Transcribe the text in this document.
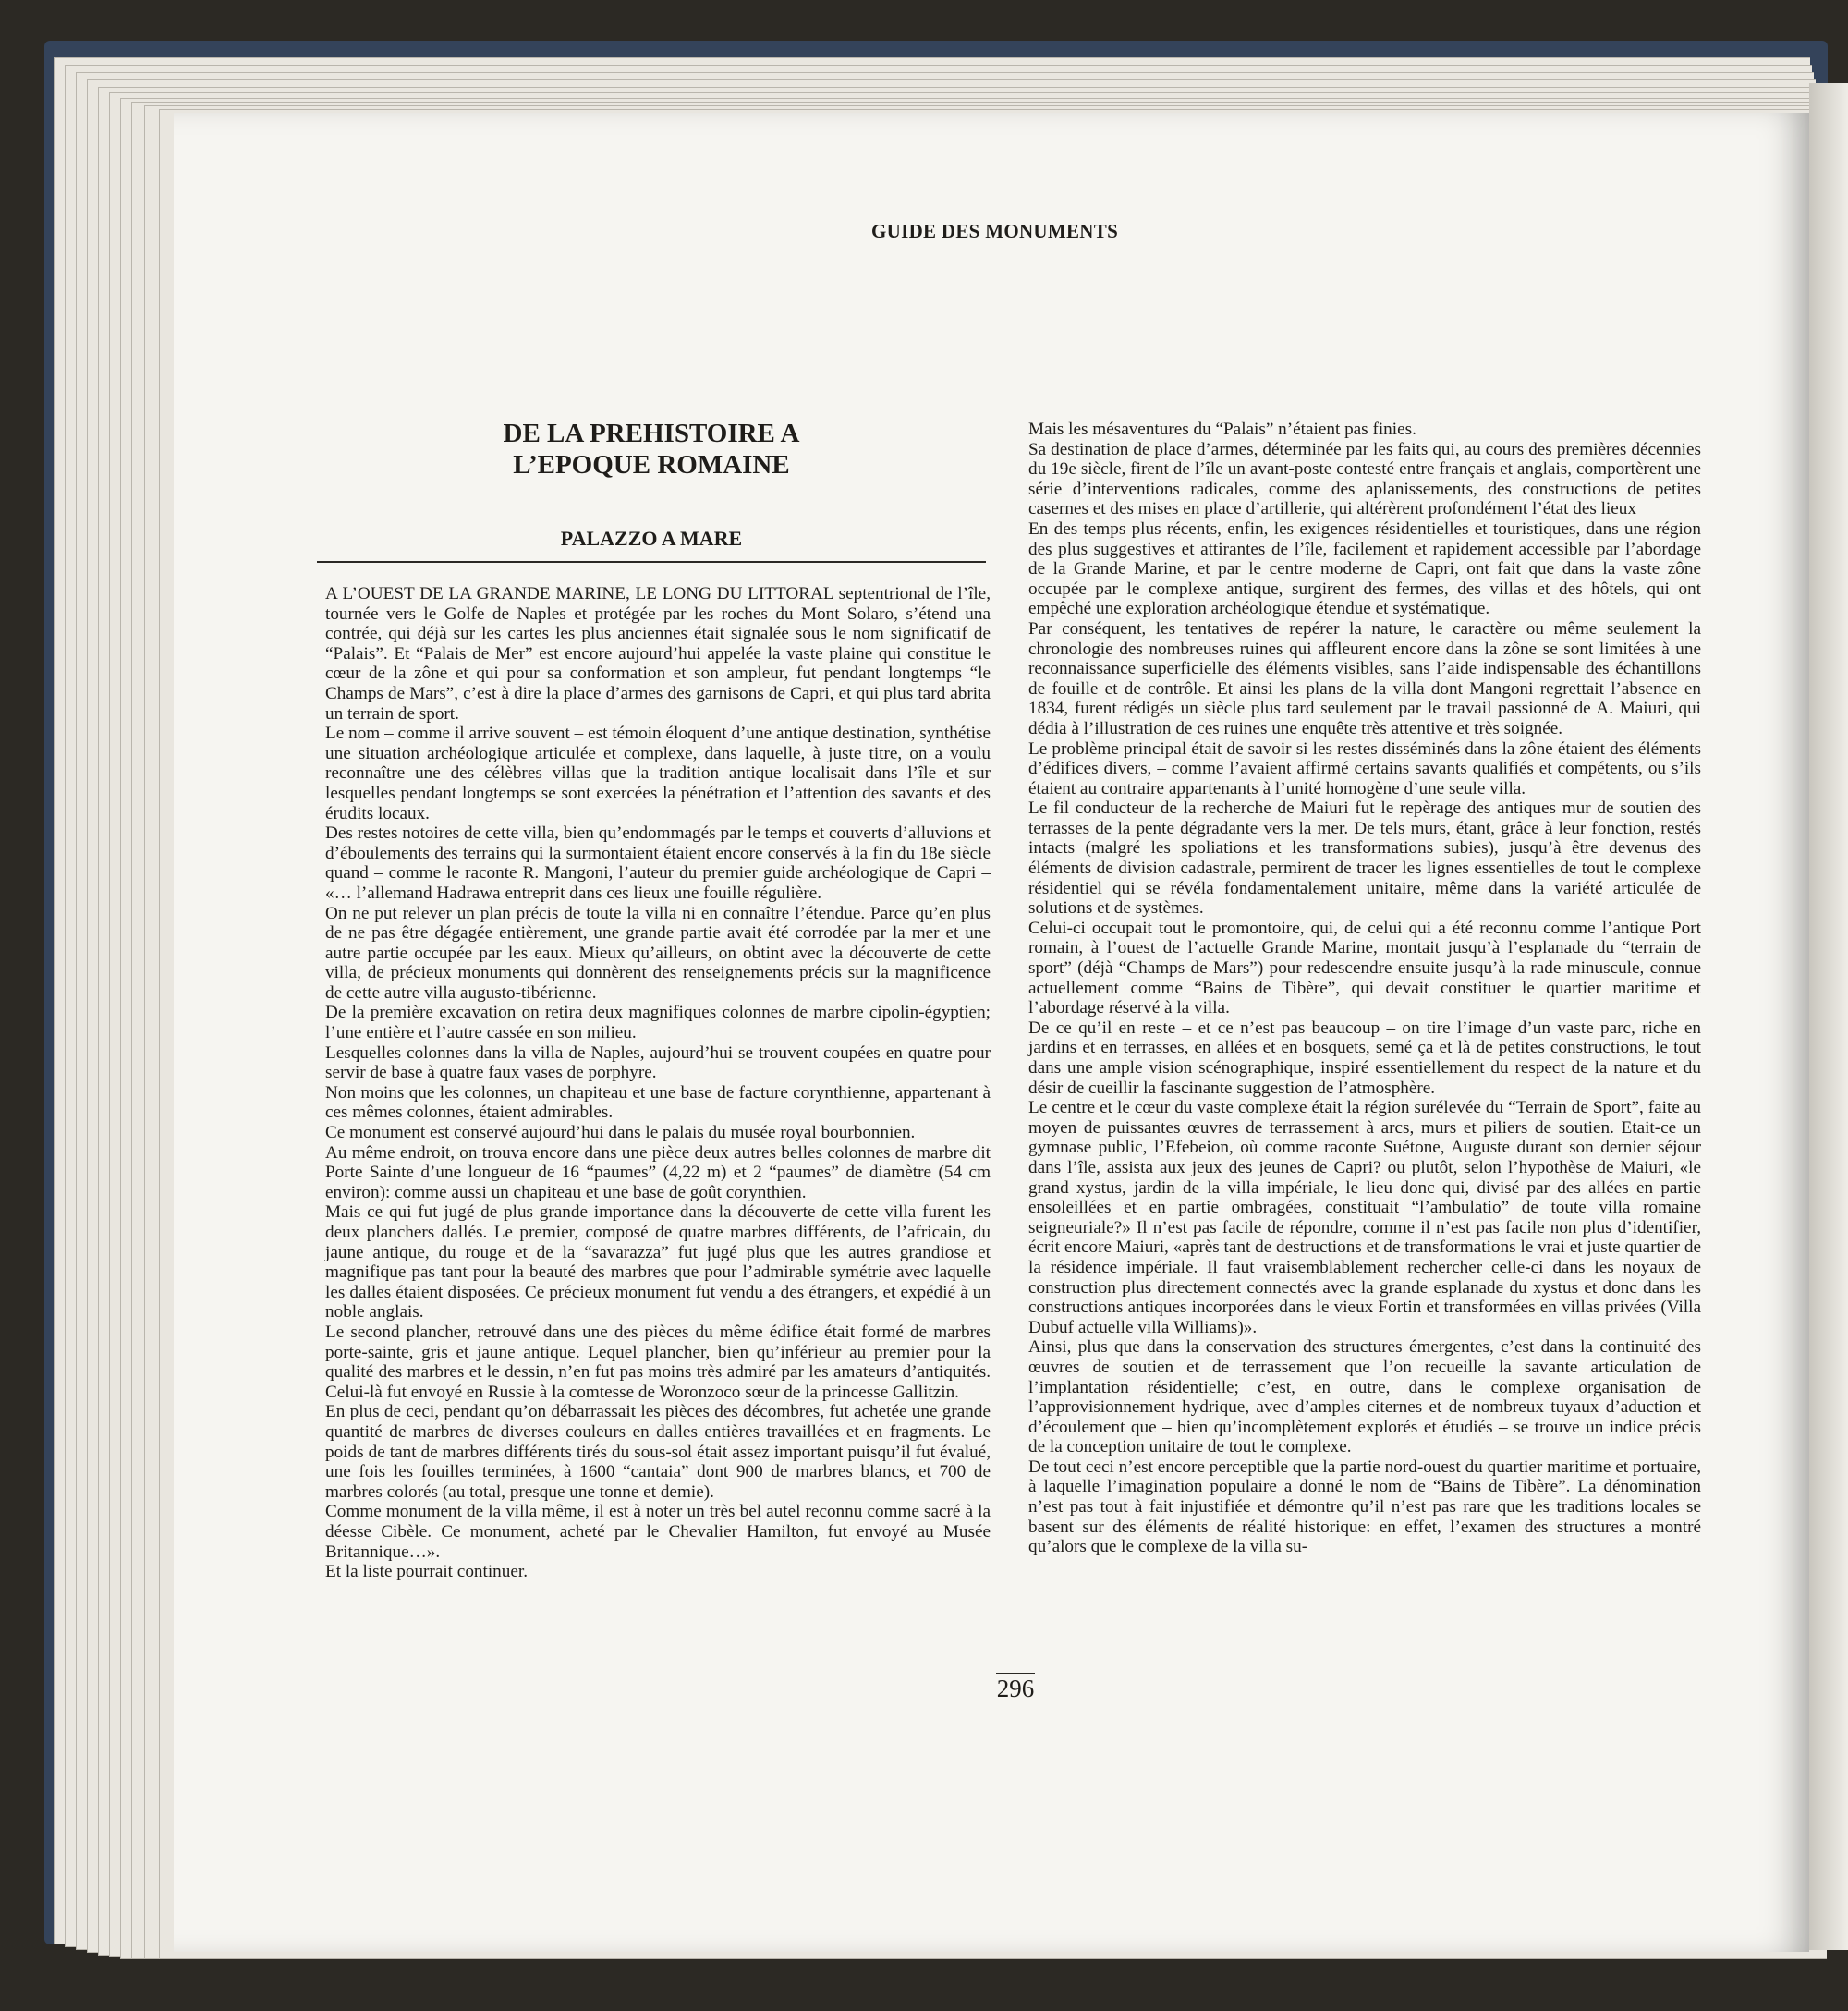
GUIDE DES MONUMENTS
DE LA PREHISTOIRE A
L’EPOQUE ROMAINE
PALAZZO A MARE

A L’OUEST DE LA GRANDE MARINE, LE LONG DU LITTORAL septentrional de l’île, tournée vers le Golfe de Naples et protégée par les roches du Mont Solaro, s’étend una contrée, qui déjà sur les cartes les plus anciennes était signalée sous le nom significatif de “Palais”. Et “Palais de Mer” est encore aujourd’hui appelée la vaste plaine qui constitue le cœur de la zône et qui pour sa conformation et son ampleur, fut pendant longtemps “le Champs de Mars”, c’est à dire la place d’armes des garnisons de Capri, et qui plus tard abrita un terrain de sport.

Le nom – comme il arrive souvent – est témoin éloquent d’une antique destination, synthétise une situation archéologique articulée et complexe, dans laquelle, à juste titre, on a voulu reconnaître une des célèbres villas que la tradition antique localisait dans l’île et sur lesquelles pendant longtemps se sont exercées la pénétration et l’attention des savants et des érudits locaux.

Des restes notoires de cette villa, bien qu’endommagés par le temps et couverts d’alluvions et d’éboulements des terrains qui la surmontaient étaient encore conservés à la fin du 18e siècle quand – comme le raconte R. Mangoni, l’auteur du premier guide archéologique de Capri – «… l’allemand Hadrawa entreprit dans ces lieux une fouille régulière.

On ne put relever un plan précis de toute la villa ni en connaître l’étendue. Parce qu’en plus de ne pas être dégagée entièrement, une grande partie avait été corrodée par la mer et une autre partie occupée par les eaux. Mieux qu’ailleurs, on obtint avec la découverte de cette villa, de précieux monuments qui donnèrent des renseignements précis sur la magnificence de cette autre villa augusto-tibérienne.

De la première excavation on retira deux magnifiques colonnes de marbre cipolin-égyptien; l’une entière et l’autre cassée en son milieu.

Lesquelles colonnes dans la villa de Naples, aujourd’hui se trouvent coupées en quatre pour servir de base à quatre faux vases de porphyre.

Non moins que les colonnes, un chapiteau et une base de facture corynthienne, appartenant à ces mêmes colonnes, étaient admirables.

Ce monument est conservé aujourd’hui dans le palais du musée royal bourbonnien.

Au même endroit, on trouva encore dans une pièce deux autres belles colonnes de marbre dit Porte Sainte d’une longueur de 16 “paumes” (4,22 m) et 2 “paumes” de diamètre (54 cm environ): comme aussi un chapiteau et une base de goût corynthien.

Mais ce qui fut jugé de plus grande importance dans la découverte de cette villa furent les deux planchers dallés. Le premier, composé de quatre marbres différents, de l’africain, du jaune antique, du rouge et de la “savarazza” fut jugé plus que les autres grandiose et magnifique pas tant pour la beauté des marbres que pour l’admirable symétrie avec laquelle les dalles étaient disposées. Ce précieux monument fut vendu a des étrangers, et expédié à un noble anglais.

Le second plancher, retrouvé dans une des pièces du même édifice était formé de marbres porte-sainte, gris et jaune antique. Lequel plancher, bien qu’inférieur au premier pour la qualité des marbres et le dessin, n’en fut pas moins très admiré par les amateurs d’antiquités. Celui-là fut envoyé en Russie à la comtesse de Woronzoco sœur de la princesse Gallitzin.

En plus de ceci, pendant qu’on débarrassait les pièces des décombres, fut achetée une grande quantité de marbres de diverses couleurs en dalles entières travaillées et en fragments. Le poids de tant de marbres différents tirés du sous-sol était assez important puisqu’il fut évalué, une fois les fouilles terminées, à 1600 “cantaia” dont 900 de marbres blancs, et 700 de marbres colorés (au total, presque une tonne et demie).

Comme monument de la villa même, il est à noter un très bel autel reconnu comme sacré à la déesse Cibèle. Ce monument, acheté par le Chevalier Hamilton, fut envoyé au Musée Britannique…».

Et la liste pourrait continuer.

Mais les mésaventures du “Palais” n’étaient pas finies.

Sa destination de place d’armes, déterminée par les faits qui, au cours des premières décennies du 19e siècle, firent de l’île un avant-poste contesté entre français et anglais, comportèrent une série d’interventions radicales, comme des aplanissements, des constructions de petites casernes et des mises en place d’artillerie, qui altérèrent profondément l’état des lieux

En des temps plus récents, enfin, les exigences résidentielles et touristiques, dans une région des plus suggestives et attirantes de l’île, facilement et rapidement accessible par l’abordage de la Grande Marine, et par le centre moderne de Capri, ont fait que dans la vaste zône occupée par le complexe antique, surgirent des fermes, des villas et des hôtels, qui ont empêché une exploration archéologique étendue et systématique.

Par conséquent, les tentatives de repérer la nature, le caractère ou même seulement la chronologie des nombreuses ruines qui affleurent encore dans la zône se sont limitées à une reconnaissance superficielle des éléments visibles, sans l’aide indispensable des échantillons de fouille et de contrôle. Et ainsi les plans de la villa dont Mangoni regrettait l’absence en 1834, furent rédigés un siècle plus tard seulement par le travail passionné de A. Maiuri, qui dédia à l’illustration de ces ruines une enquête très attentive et très soignée.

Le problème principal était de savoir si les restes disséminés dans la zône étaient des éléments d’édifices divers, – comme l’avaient affirmé certains savants qualifiés et compétents, ou s’ils étaient au contraire appartenants à l’unité homogène d’une seule villa.

Le fil conducteur de la recherche de Maiuri fut le repèrage des antiques mur de soutien des terrasses de la pente dégradante vers la mer. De tels murs, étant, grâce à leur fonction, restés intacts (malgré les spoliations et les transformations subies), jusqu’à être devenus des éléments de division cadastrale, permirent de tracer les lignes essentielles de tout le complexe résidentiel qui se révéla fondamentalement unitaire, même dans la variété articulée de solutions et de systèmes.

Celui-ci occupait tout le promontoire, qui, de celui qui a été reconnu comme l’antique Port romain, à l’ouest de l’actuelle Grande Marine, montait jusqu’à l’esplanade du “terrain de sport” (déjà “Champs de Mars”) pour redescendre ensuite jusqu’à la rade minuscule, connue actuellement comme “Bains de Tibère”, qui devait constituer le quartier maritime et l’abordage réservé à la villa.

De ce qu’il en reste – et ce n’est pas beaucoup – on tire l’image d’un vaste parc, riche en jardins et en terrasses, en allées et en bosquets, semé ça et là de petites constructions, le tout dans une ample vision scénographique, inspiré essentiellement du respect de la nature et du désir de cueillir la fascinante suggestion de l’atmosphère.

Le centre et le cœur du vaste complexe était la région surélevée du “Terrain de Sport”, faite au moyen de puissantes œuvres de terrassement à arcs, murs et piliers de soutien. Etait-ce un gymnase public, l’Efebeion, où comme raconte Suétone, Auguste durant son dernier séjour dans l’île, assista aux jeux des jeunes de Capri? ou plutôt, selon l’hypothèse de Maiuri, «le grand xystus, jardin de la villa impériale, le lieu donc qui, divisé par des allées en partie ensoleillées et en partie ombragées, constituait “l’ambulatio” de toute villa romaine seigneuriale?» Il n’est pas facile de répondre, comme il n’est pas facile non plus d’identifier, écrit encore Maiuri, «après tant de destructions et de transformations le vrai et juste quartier de la résidence impériale. Il faut vraisemblablement rechercher celle-ci dans les noyaux de construction plus directement connectés avec la grande esplanade du xystus et donc dans les constructions antiques incorporées dans le vieux Fortin et transformées en villas privées (Villa Dubuf actuelle villa Williams)».

Ainsi, plus que dans la conservation des structures émergentes, c’est dans la continuité des œuvres de soutien et de terrassement que l’on recueille la savante articulation de l’implantation résidentielle; c’est, en outre, dans le complexe organisation de l’approvisionnement hydrique, avec d’amples citernes et de nombreux tuyaux d’aduction et d’écoulement que – bien qu’incomplètement explorés et étudiés – se trouve un indice précis de la conception unitaire de tout le complexe.

De tout ceci n’est encore perceptible que la partie nord-ouest du quartier maritime et portuaire, à laquelle l’imagination populaire a donné le nom de “Bains de Tibère”. La dénomination n’est pas tout à fait injustifiée et démontre qu’il n’est pas rare que les traditions locales se basent sur des éléments de réalité historique: en effet, l’examen des structures a montré qu’alors que le complexe de la villa su-

296
